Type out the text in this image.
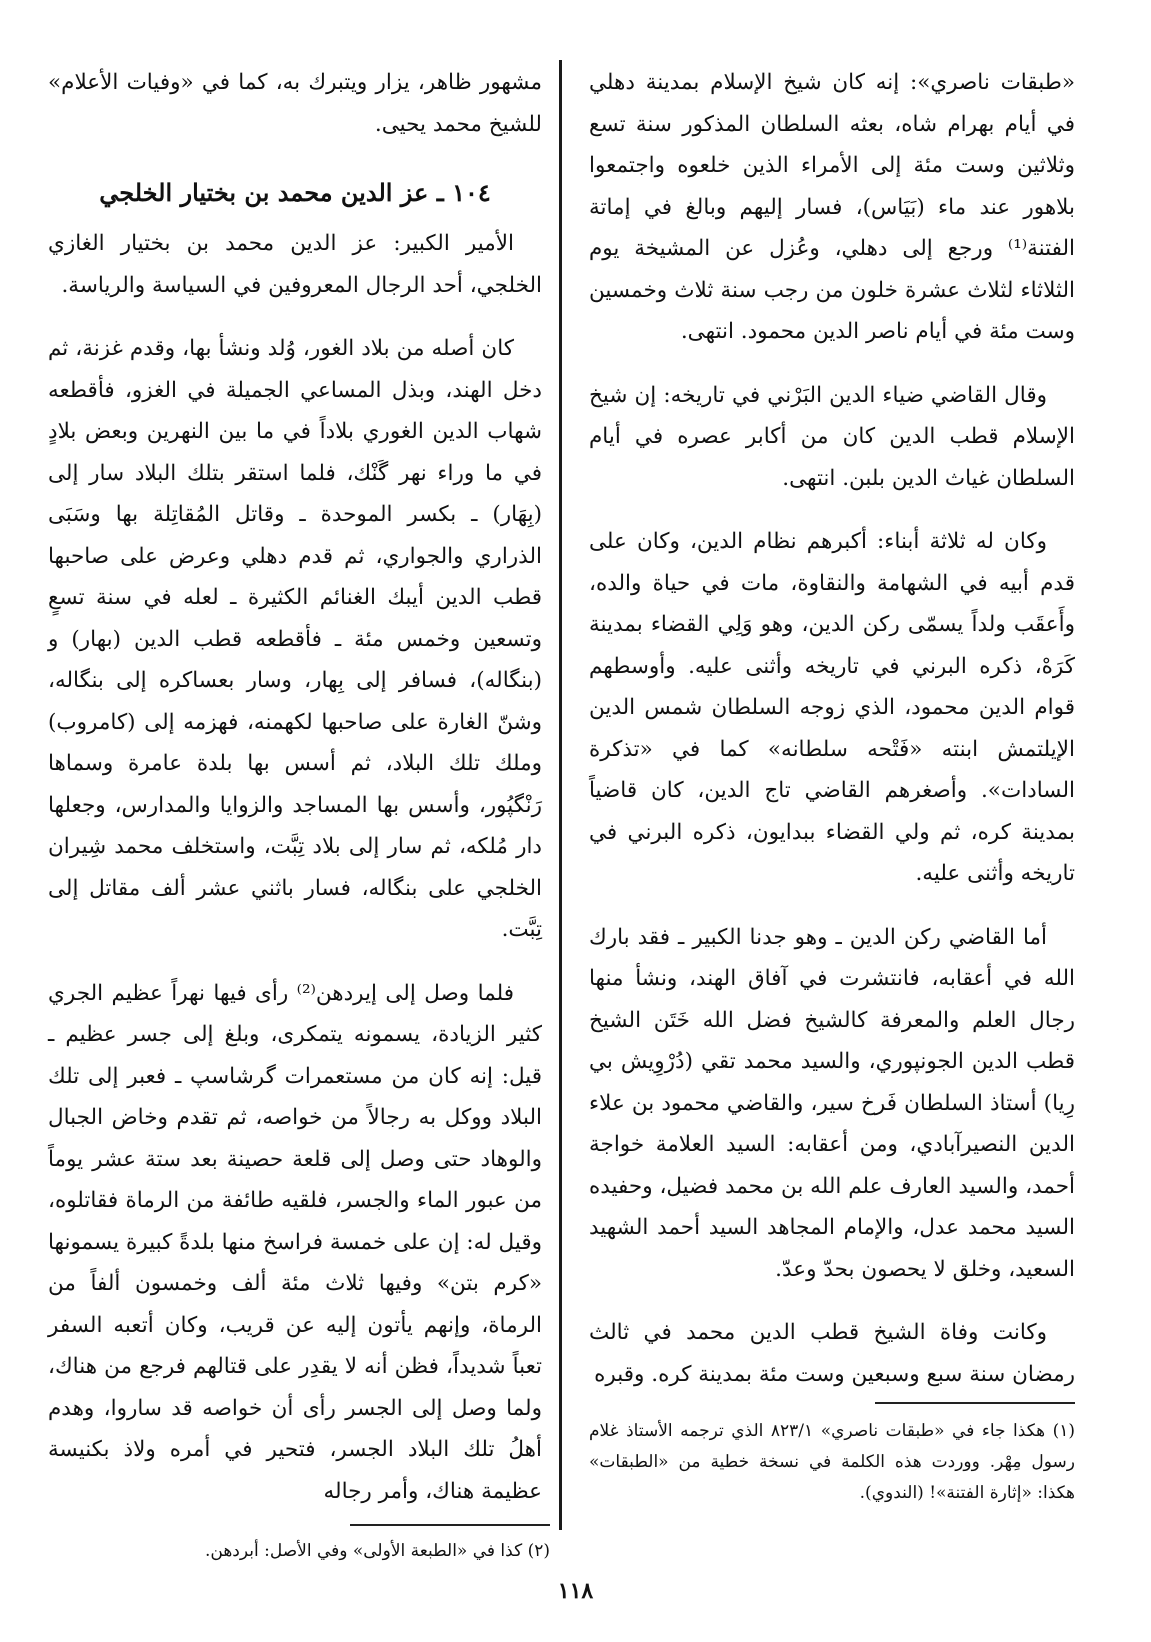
«طبقات ناصري»: إنه كان شيخ الإسلام بمدينة دهلي في أيام بهرام شاه، بعثه السلطان المذكور سنة تسع وثلاثين وست مئة إلى الأمراء الذين خلعوه واجتمعوا بلاهور عند ماء (بَيَاس)، فسار إليهم وبالغ في إماتة الفتنة⁽¹⁾ ورجع إلى دهلي، وعُزل عن المشيخة يوم الثلاثاء لثلاث عشرة خلون من رجب سنة ثلاث وخمسين وست مئة في أيام ناصر الدين محمود. انتهى.

وقال القاضي ضياء الدين البَرْني في تاريخه: إن شيخ الإسلام قطب الدين كان من أكابر عصره في أيام السلطان غياث الدين بلبن. انتهى.

وكان له ثلاثة أبناء: أكبرهم نظام الدين، وكان على قدم أبيه في الشهامة والنقاوة، مات في حياة والده، وأَعقَب ولداً يسمّى ركن الدين، وهو وَلِي القضاء بمدينة كَرَهْ، ذكره البرني في تاريخه وأثنى عليه. وأوسطهم قوام الدين محمود، الذي زوجه السلطان شمس الدين الإيلتمش ابنته «فَتْحه سلطانه» كما في «تذكرة السادات». وأصغرهم القاضي تاج الدين، كان قاضياً بمدينة كره، ثم ولي القضاء ببدايون، ذكره البرني في تاريخه وأثنى عليه.

أما القاضي ركن الدين ـ وهو جدنا الكبير ـ فقد بارك الله في أعقابه، فانتشرت في آفاق الهند، ونشأ منها رجال العلم والمعرفة كالشيخ فضل الله خَتَن الشيخ قطب الدين الجونپوري، والسيد محمد تقي (دُرْوِيش بي رِيا) أستاذ السلطان فَرخ سير، والقاضي محمود بن علاء الدين النصيرآبادي، ومن أعقابه: السيد العلامة خواجة أحمد، والسيد العارف علم الله بن محمد فضيل، وحفيده السيد محمد عدل، والإمام المجاهد السيد أحمد الشهيد السعيد، وخلق لا يحصون بحدّ وعدّ.

وكانت وفاة الشيخ قطب الدين محمد في ثالث رمضان سنة سبع وسبعين وست مئة بمدينة كره. وقبره

مشهور ظاهر، يزار ويتبرك به، كما في «وفيات الأعلام» للشيخ محمد يحيى.

١٠٤ ـ عز الدين محمد بن بختيار الخلجي

الأمير الكبير: عز الدين محمد بن بختيار الغازي الخلجي، أحد الرجال المعروفين في السياسة والرياسة.

كان أصله من بلاد الغور، وُلد ونشأ بها، وقدم غزنة، ثم دخل الهند، وبذل المساعي الجميلة في الغزو، فأقطعه شهاب الدين الغوري بلاداً في ما بين النهرين وبعض بلادٍ في ما وراء نهر گَنْك، فلما استقر بتلك البلاد سار إلى (بِهَار) ـ بكسر الموحدة ـ وقاتل المُقاتِلة بها وسَبَى الذراري والجواري، ثم قدم دهلي وعرض على صاحبها قطب الدين أيبك الغنائم الكثيرة ـ لعله في سنة تسعٍ وتسعين وخمس مئة ـ فأقطعه قطب الدين (بهار) و (بنگاله)، فسافر إلى بِهار، وسار بعساكره إلى بنگاله، وشنّ الغارة على صاحبها لكهمنه، فهزمه إلى (كامروب) وملك تلك البلاد، ثم أسس بها بلدة عامرة وسماها رَنْگپُور، وأسس بها المساجد والزوايا والمدارس، وجعلها دار مُلكه، ثم سار إلى بلاد تِبَّت، واستخلف محمد شِيران الخلجي على بنگاله، فسار باثني عشر ألف مقاتل إلى تِبَّت.

فلما وصل إلى إيردهن⁽²⁾ رأى فيها نهراً عظيم الجري كثير الزيادة، يسمونه يتمكرى، وبلغ إلى جسر عظيم ـ قيل: إنه كان من مستعمرات گرشاسپ ـ فعبر إلى تلك البلاد ووكل به رجالاً من خواصه، ثم تقدم وخاض الجبال والوهاد حتى وصل إلى قلعة حصينة بعد ستة عشر يوماً من عبور الماء والجسر، فلقيه طائفة من الرماة فقاتلوه، وقيل له: إن على خمسة فراسخ منها بلدةً كبيرة يسمونها «كرم بتن» وفيها ثلاث مئة ألف وخمسون ألفاً من الرماة، وإنهم يأتون إليه عن قريب، وكان أتعبه السفر تعباً شديداً، فظن أنه لا يقدِر على قتالهم فرجع من هناك، ولما وصل إلى الجسر رأى أن خواصه قد ساروا، وهدم أهلُ تلك البلاد الجسر، فتحير في أمره ولاذ بكنيسة عظيمة هناك، وأمر رجاله

(١) هكذا جاء في «طبقات ناصري» ٨٢٣/١ الذي ترجمه الأستاذ غلام رسول مِهْر. ووردت هذه الكلمة في نسخة خطية من «الطبقات» هكذا: «إثارة الفتنة»! (الندوي).
(٢) كذا في «الطبعة الأولى» وفي الأصل: أبردهن.
١١٨
